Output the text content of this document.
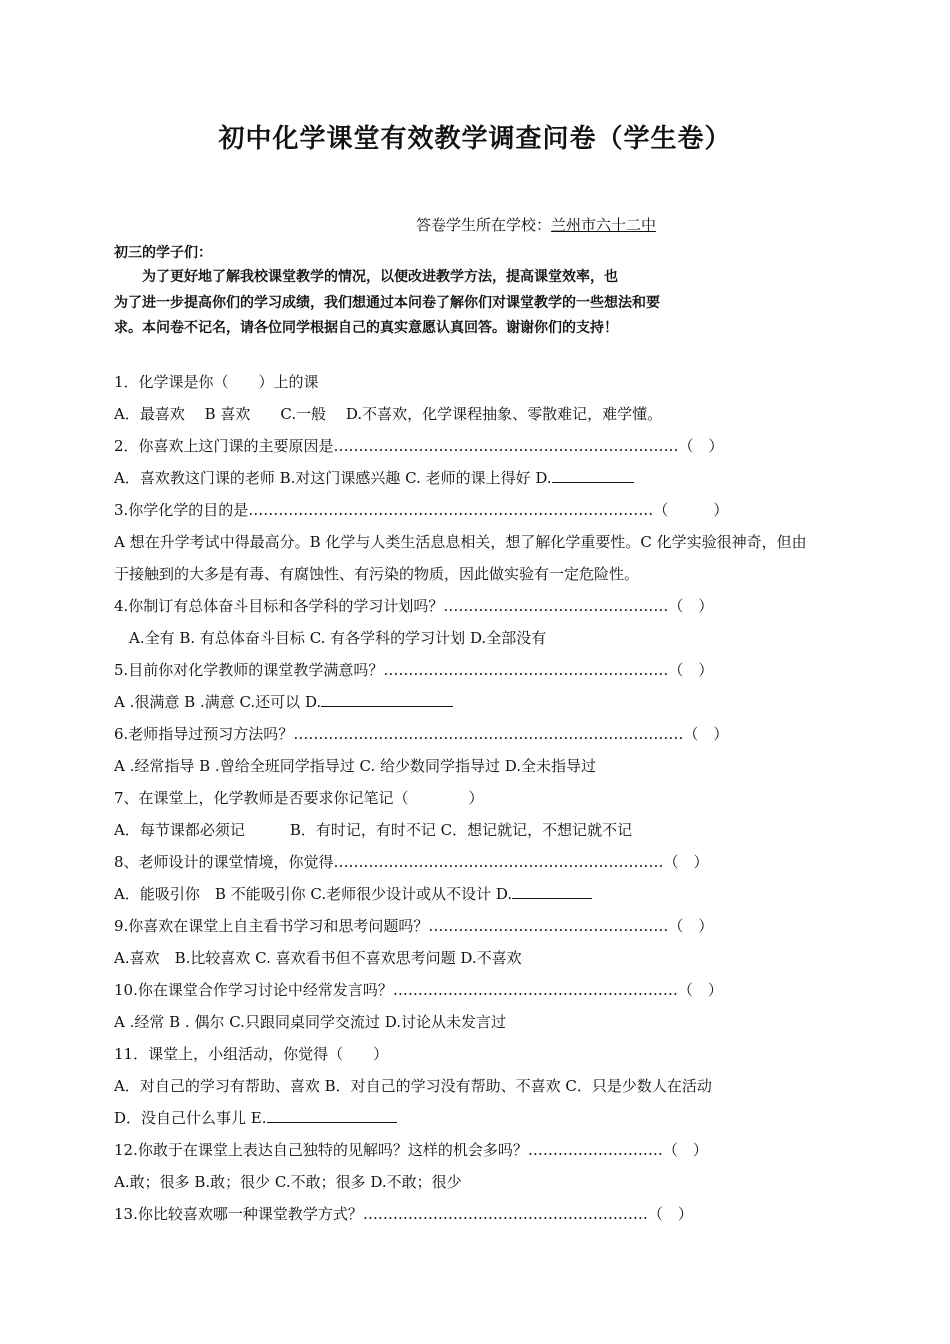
初中化学课堂有效教学调查问卷（学生卷）
答卷学生所在学校：兰州市六十二中
初三的学子们：
　　为了更好地了解我校课堂教学的情况，以便改进教学方法，提高课堂效率，也
为了进一步提高你们的学习成绩，我们想通过本问卷了解你们对课堂教学的一些想法和要
求。本问卷不记名，请各位同学根据自己的真实意愿认真回答。谢谢你们的支持！
1．化学课是你（　　）上的课
A．最喜欢　 B 喜欢　　C.一般　 D.不喜欢，化学课程抽象、零散难记，难学懂。
2．你喜欢上这门课的主要原因是……………………………………………………………（　）
A．喜欢教这门课的老师 B.对这门课感兴趣 C. 老师的课上得好 D.
3.你学化学的目的是………………………………………………………………………（　　　）
A 想在升学考试中得最高分。B 化学与人类生活息息相关，想了解化学重要性。C 化学实验很神奇，但由
于接触到的大多是有毒、有腐蚀性、有污染的物质，因此做实验有一定危险性。
4.你制订有总体奋斗目标和各学科的学习计划吗？………………………………………（　）
　A.全有 B. 有总体奋斗目标 C. 有各学科的学习计划 D.全部没有
5.目前你对化学教师的课堂教学满意吗？…………………………………………………（　）
A .很满意 B .满意 C.还可以 D.
6.老师指导过预习方法吗？……………………………………………………………………（　）
A .经常指导 B .曾给全班同学指导过 C. 给少数同学指导过 D.全未指导过
7、在课堂上，化学教师是否要求你记笔记（　　　　）
A．每节课都必须记　　　B．有时记，有时不记 C．想记就记，不想记就不记
8、老师设计的课堂情境，你觉得…………………………………………………………（　）
A．能吸引你　B 不能吸引你 C.老师很少设计或从不设计 D.
9.你喜欢在课堂上自主看书学习和思考问题吗？…………………………………………（　）
A.喜欢　B.比较喜欢 C. 喜欢看书但不喜欢思考问题 D.不喜欢
10.你在课堂合作学习讨论中经常发言吗？…………………………………………………（　）
A .经常 B . 偶尔 C.只跟同桌同学交流过 D.讨论从未发言过
11．课堂上，小组活动，你觉得（　　）
A．对自己的学习有帮助、喜欢 B．对自己的学习没有帮助、不喜欢 C．只是少数人在活动
D．没自己什么事儿 E.
12.你敢于在课堂上表达自己独特的见解吗？这样的机会多吗？………………………（　）
A.敢；很多 B.敢；很少 C.不敢；很多 D.不敢；很少
13.你比较喜欢哪一种课堂教学方式？…………………………………………………（　）
